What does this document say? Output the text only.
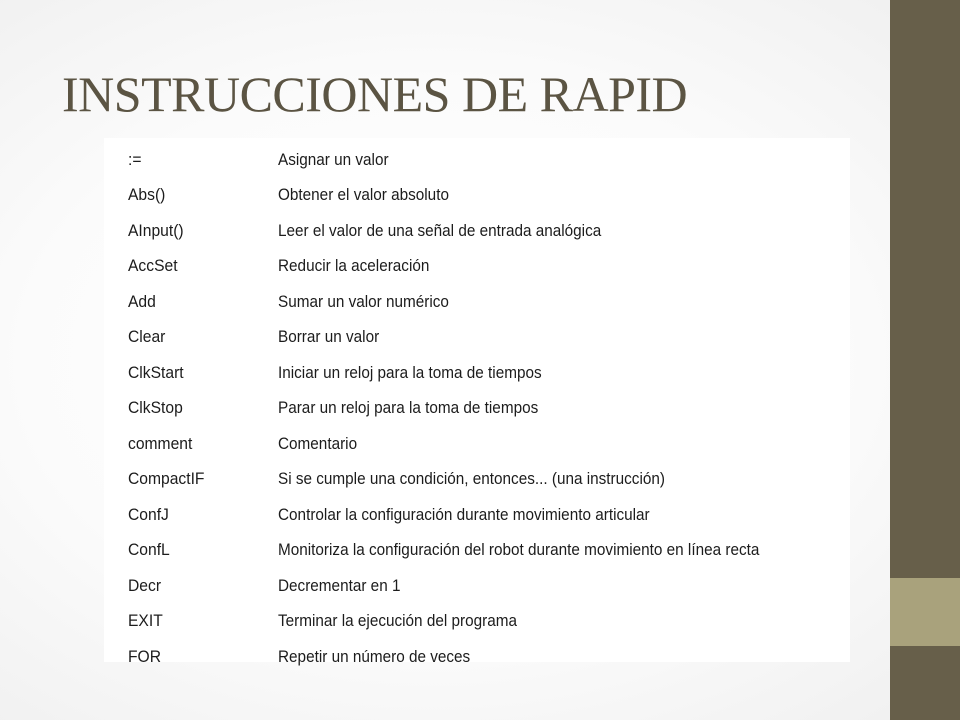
INSTRUCCIONES DE RAPID
:=	Asignar un valor
Abs()	Obtener el valor absoluto
AInput()	Leer el valor de una señal de entrada analógica
AccSet	Reducir la aceleración
Add	Sumar un valor numérico
Clear	Borrar un valor
ClkStart	Iniciar un reloj para la toma de tiempos
ClkStop	Parar un reloj para la toma de tiempos
comment	Comentario
CompactIF	Si se cumple una condición, entonces... (una instrucción)
ConfJ	Controlar la configuración durante movimiento articular
ConfL	Monitoriza la configuración del robot durante movimiento en línea recta
Decr	Decrementar en 1
EXIT	Terminar la ejecución del programa
FOR	Repetir un número de veces
